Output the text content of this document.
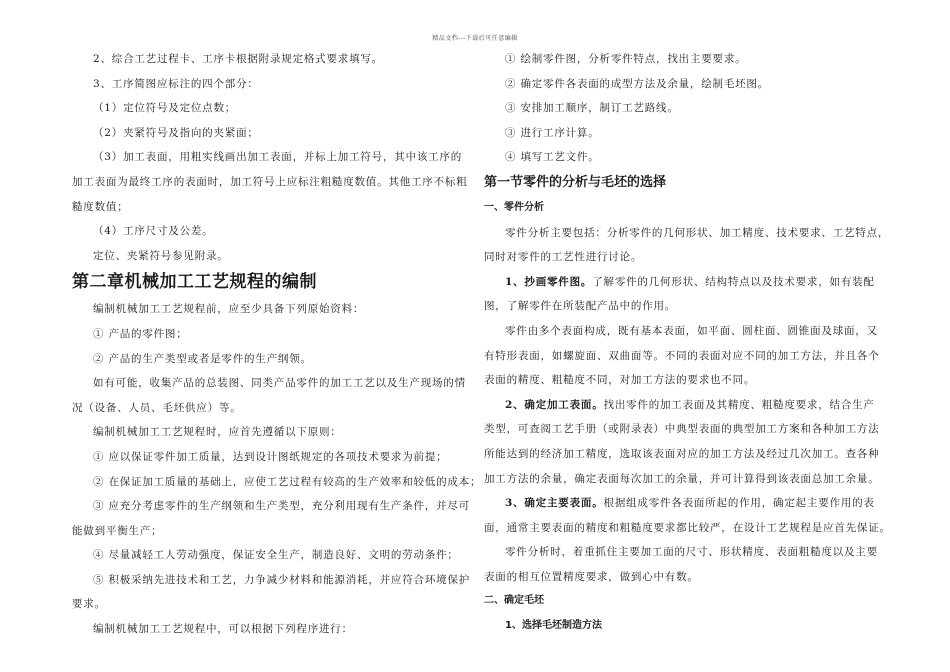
精品文档---下载后可任意编辑
2、综合工艺过程卡、工序卡根据附录规定格式要求填写。
3、工序简图应标注的四个部分：
（1）定位符号及定位点数；
（2）夹紧符号及指向的夹紧面；
（3）加工表面，用粗实线画出加工表面，并标上加工符号，其中该工序的
加工表面为最终工序的表面时，加工符号上应标注粗糙度数值。其他工序不标粗
糙度数值；
（4）工序尺寸及公差。
定位、夹紧符号参见附录。
第二章机械加工工艺规程的编制
编制机械加工工艺规程前，应至少具备下列原始资料：
① 产品的零件图；
② 产品的生产类型或者是零件的生产纲领。
如有可能，收集产品的总装图、同类产品零件的加工工艺以及生产现场的情
况（设备、人员、毛坯供应）等。
编制机械加工工艺规程时，应首先遵循以下原则：
① 应以保证零件加工质量，达到设计图纸规定的各项技术要求为前提；
② 在保证加工质量的基础上，应使工艺过程有较高的生产效率和较低的成本；
③ 应充分考虑零件的生产纲领和生产类型，充分利用现有生产条件，并尽可
能做到平衡生产；
④ 尽量减轻工人劳动强度，保证安全生产，制造良好、文明的劳动条件；
⑤ 积极采纳先进技术和工艺，力争减少材料和能源消耗，并应符合环境保护
要求。
编制机械加工工艺规程中，可以根据下列程序进行：
① 绘制零件图，分析零件特点，找出主要要求。
② 确定零件各表面的成型方法及余量，绘制毛坯图。
③ 安排加工顺序，制订工艺路线。
③ 进行工序计算。
④ 填写工艺文件。
第一节零件的分析与毛坯的选择
一、零件分析
零件分析主要包括：分析零件的几何形状、加工精度、技术要求、工艺特点，
同时对零件的工艺性进行讨论。
1、抄画零件图。了解零件的几何形状、结构特点以及技术要求，如有装配
图，了解零件在所装配产品中的作用。
零件由多个表面构成，既有基本表面，如平面、圆柱面、圆锥面及球面，又
有特形表面，如螺旋面、双曲面等。不同的表面对应不同的加工方法，并且各个
表面的精度、粗糙度不同，对加工方法的要求也不同。
2、确定加工表面。找出零件的加工表面及其精度、粗糙度要求，结合生产
类型，可查阅工艺手册（或附录表）中典型表面的典型加工方案和各种加工方法
所能达到的经济加工精度，选取该表面对应的加工方法及经过几次加工。查各种
加工方法的余量，确定表面每次加工的余量，并可计算得到该表面总加工余量。
3、确定主要表面。根据组成零件各表面所起的作用，确定起主要作用的表
面，通常主要表面的精度和粗糙度要求都比较严，在设计工艺规程是应首先保证。
零件分析时，着重抓住主要加工面的尺寸、形状精度、表面粗糙度以及主要
表面的相互位置精度要求，做到心中有数。
二、确定毛坯
1、选择毛坯制造方法
